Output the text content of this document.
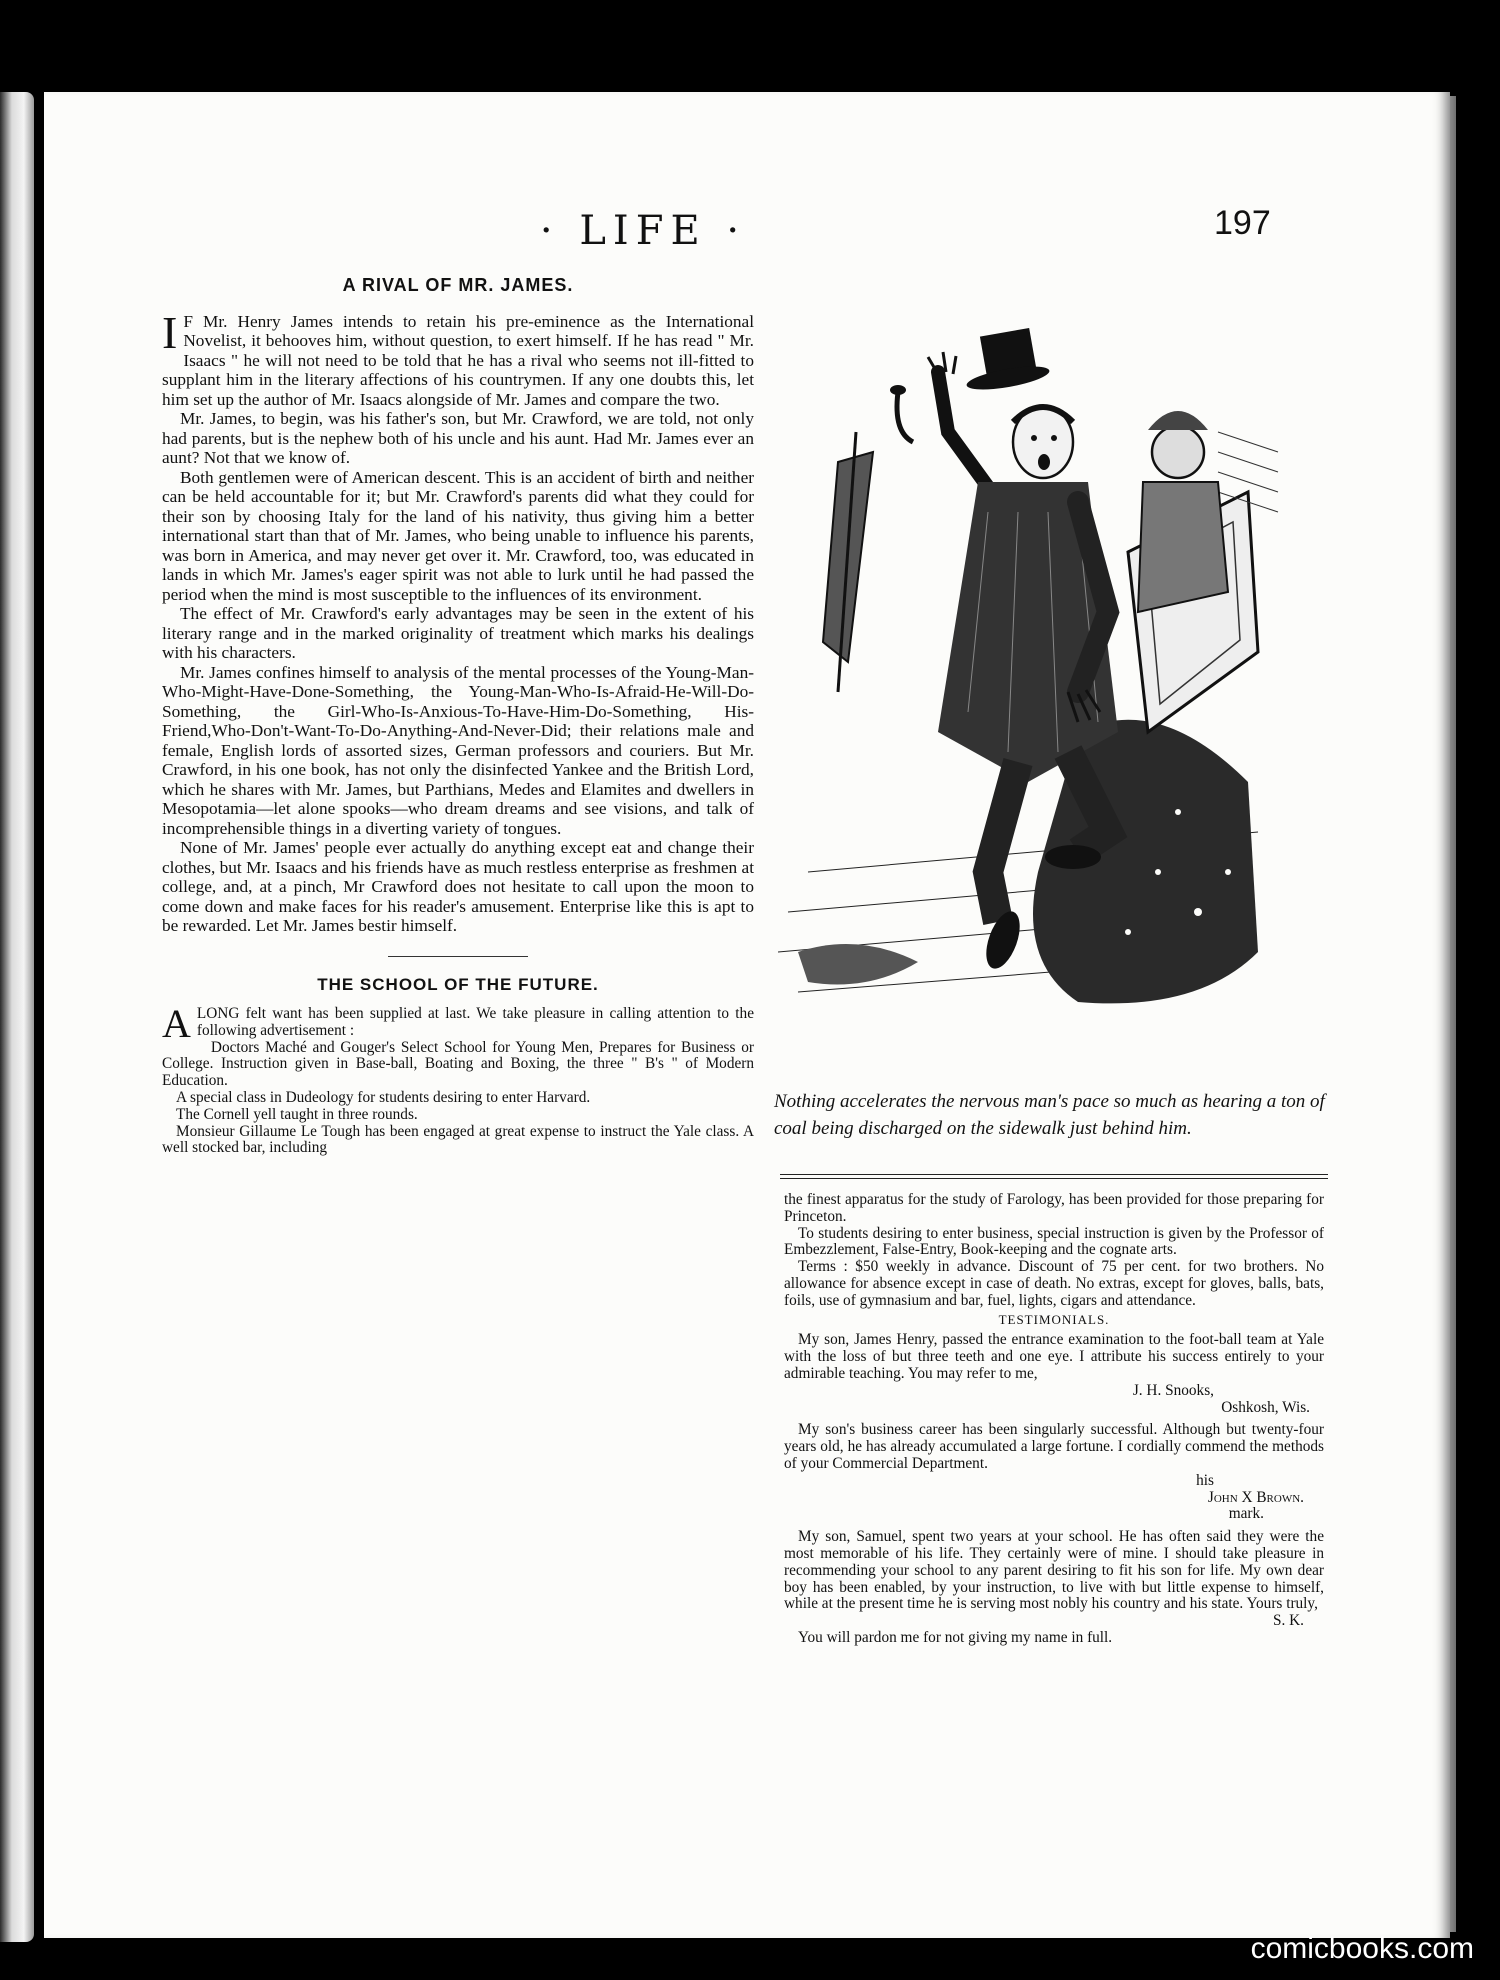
· LIFE ·	197
A RIVAL OF MR. JAMES.

I F Mr. Henry James intends to retain his pre-eminence as the International Novelist, it behooves him, without question, to exert himself. If he has read " Mr. Isaacs " he will not need to be told that he has a rival who seems not ill-fitted to supplant him in the literary affections of his countrymen. If any one doubts this, let him set up the author of Mr. Isaacs alongside of Mr. James and compare the two.

Mr. James, to begin, was his father's son, but Mr. Crawford, we are told, not only had parents, but is the nephew both of his uncle and his aunt. Had Mr. James ever an aunt? Not that we know of.

Both gentlemen were of American descent. This is an accident of birth and neither can be held accountable for it; but Mr. Crawford's parents did what they could for their son by choosing Italy for the land of his nativity, thus giving him a better international start than that of Mr. James, who being unable to influence his parents, was born in America, and may never get over it. Mr. Crawford, too, was educated in lands in which Mr. James's eager spirit was not able to lurk until he had passed the period when the mind is most susceptible to the influences of its environment.

The effect of Mr. Crawford's early advantages may be seen in the extent of his literary range and in the marked originality of treatment which marks his dealings with his characters.

Mr. James confines himself to analysis of the mental processes of the Young-Man-Who-Might-Have-Done-Something, the Young-Man-Who-Is-Afraid-He-Will-Do-Something, the Girl-Who-Is-Anxious-To-Have-Him-Do-Something, His-Friend,Who-Don't-Want-To-Do-Anything-And-Never-Did; their relations male and female, English lords of assorted sizes, German professors and couriers. But Mr. Crawford, in his one book, has not only the disinfected Yankee and the British Lord, which he shares with Mr. James, but Parthians, Medes and Elamites and dwellers in Mesopotamia—let alone spooks—who dream dreams and see visions, and talk of incomprehensible things in a diverting variety of tongues.

None of Mr. James' people ever actually do anything except eat and change their clothes, but Mr. Isaacs and his friends have as much restless enterprise as freshmen at college, and, at a pinch, Mr Crawford does not hesitate to call upon the moon to come down and make faces for his reader's amusement. Enterprise like this is apt to be rewarded. Let Mr. James bestir himself.

THE SCHOOL OF THE FUTURE.

ALONG felt want has been supplied at last. We take pleasure in calling attention to the following advertisement :

Doctors Maché and Gouger's Select School for Young Men, Prepares for Business or College. Instruction given in Base-ball, Boating and Boxing, the three " B's " of Modern Education.

A special class in Dudeology for students desiring to enter Harvard.

The Cornell yell taught in three rounds.

Monsieur Gillaume Le Tough has been engaged at great expense to instruct the Yale class. A well stocked bar, including

Nothing accelerates the nervous man's pace so much as hearing a ton of coal being discharged on the sidewalk just behind him.

the finest apparatus for the study of Farology, has been provided for those preparing for Princeton.

To students desiring to enter business, special instruction is given by the Professor of Embezzlement, False-Entry, Book-keeping and the cognate arts.

Terms : $50 weekly in advance. Discount of 75 per cent. for two brothers. No allowance for absence except in case of death. No extras, except for gloves, balls, bats, foils, use of gymnasium and bar, fuel, lights, cigars and attendance.

TESTIMONIALS.

My son, James Henry, passed the entrance examination to the foot-ball team at Yale with the loss of but three teeth and one eye. I attribute his success entirely to your admirable teaching. You may refer to me,

J. H. Snooks,
Oshkosh, Wis.

My son's business career has been singularly successful. Although but twenty-four years old, he has already accumulated a large fortune. I cordially commend the methods of your Commercial Department.

his
John X Brown.
mark.

My son, Samuel, spent two years at your school. He has often said they were the most memorable of his life. They certainly were of mine. I should take pleasure in recommending your school to any parent desiring to fit his son for life. My own dear boy has been enabled, by your instruction, to live with but little expense to himself, while at the present time he is serving most nobly his country and his state. Yours truly,

S. K.

You will pardon me for not giving my name in full.

comicbooks.com
